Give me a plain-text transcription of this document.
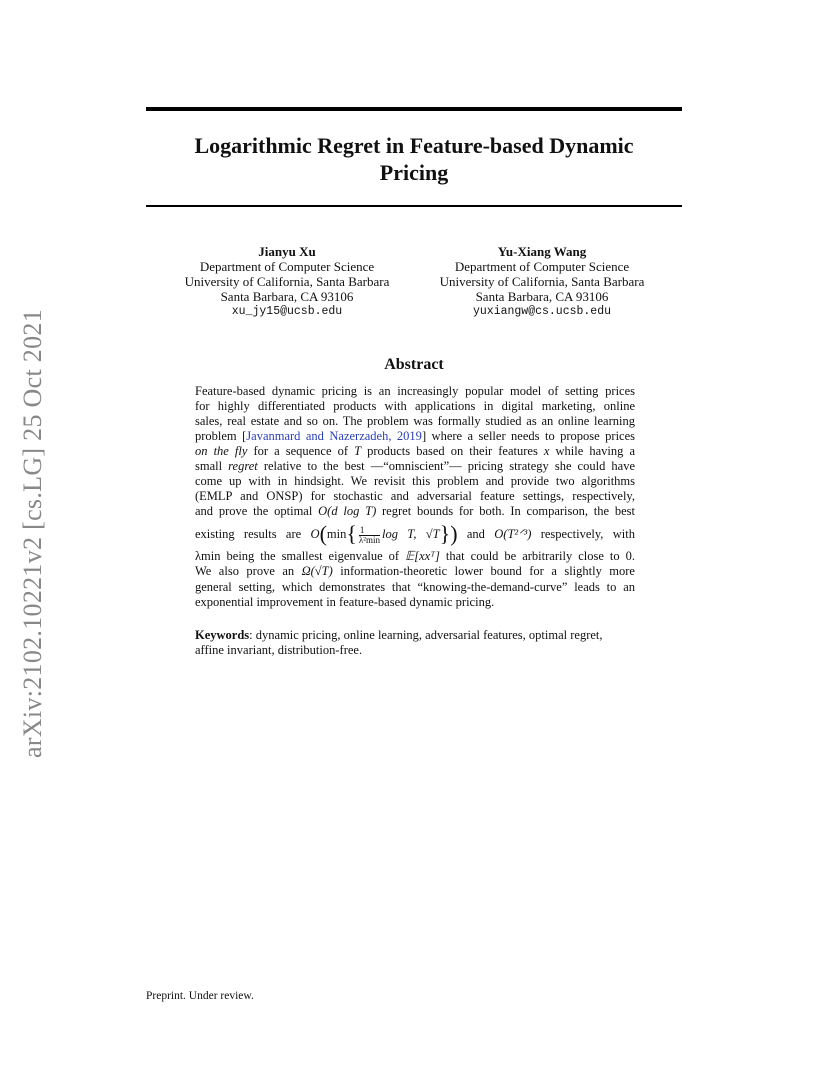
arXiv:2102.10221v2 [cs.LG] 25 Oct 2021
Logarithmic Regret in Feature-based Dynamic
Pricing
Jianyu Xu
Department of Computer Science
University of California, Santa Barbara
Santa Barbara, CA 93106
xu_jy15@ucsb.edu
Yu-Xiang Wang
Department of Computer Science
University of California, Santa Barbara
Santa Barbara, CA 93106
yuxiangw@cs.ucsb.edu
Abstract
Feature-based dynamic pricing is an increasingly popular model of setting prices
for highly differentiated products with applications in digital marketing, online
sales, real estate and so on. The problem was formally studied as an online learning
problem [Javanmard and Nazerzadeh, 2019] where a seller needs to propose prices
on the fly for a sequence of T products based on their features x while having a
small regret relative to the best —“omniscient”— pricing strategy she could have
come up with in hindsight. We revisit this problem and provide two algorithms
(EMLP and ONSP) for stochastic and adversarial feature settings, respectively,
and prove the optimal O(d log T) regret bounds for both. In comparison, the best
existing results are $O(\min\{ \frac{1}{\text{λ²min}}$ log T, √T}) and O(T²ᐟ³) respectively, with
λmin being the smallest eigenvalue of 𝔼[xxᵀ] that could be arbitrarily close to 0.
We also prove an Ω(√T) information-theoretic lower bound for a slightly more
general setting, which demonstrates that “knowing-the-demand-curve” leads to an
exponential improvement in feature-based dynamic pricing.
Keywords: dynamic pricing, online learning, adversarial features, optimal regret,
affine invariant, distribution-free.
Preprint. Under review.
